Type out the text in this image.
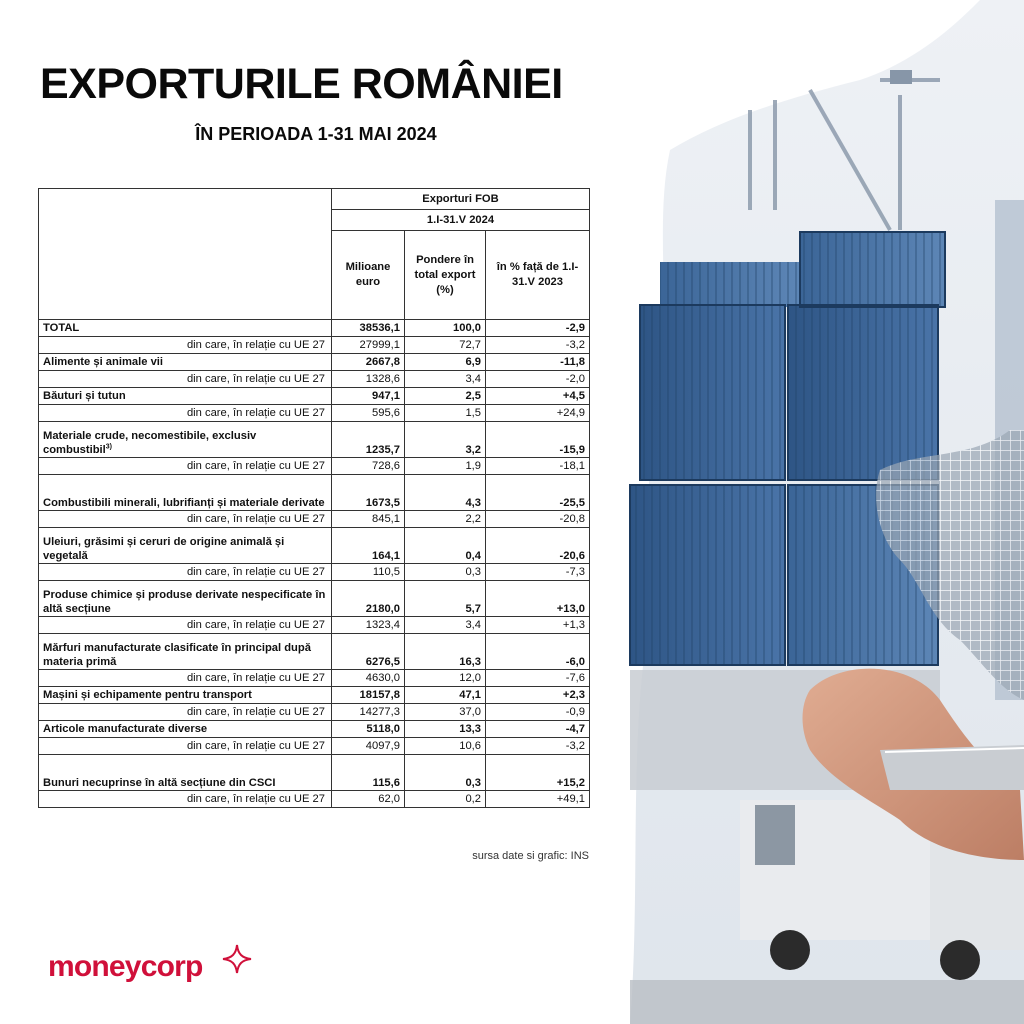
EXPORTURILE ROMÂNIEI
ÎN PERIOADA 1-31 MAI 2024
	Exporturi FOB		
	1.I-31.V 2024		
	Milioane euro	Pondere în total export (%)	în % față de 1.I-31.V 2023
TOTAL	38536,1	100,0	-2,9
din care, în relație cu UE 27	27999,1	72,7	-3,2
Alimente și animale vii	2667,8	6,9	-11,8
din care, în relație cu UE 27	1328,6	3,4	-2,0
Băuturi și tutun	947,1	2,5	+4,5
din care, în relație cu UE 27	595,6	1,5	+24,9
Materiale crude, necomestibile, exclusiv combustibil$^{3)}$	1235,7	3,2	-15,9
din care, în relație cu UE 27	728,6	1,9	-18,1
Combustibili minerali, lubrifianți și materiale derivate	1673,5	4,3	-25,5
din care, în relație cu UE 27	845,1	2,2	-20,8
Uleiuri, grăsimi și ceruri de origine animală și vegetală	164,1	0,4	-20,6
din care, în relație cu UE 27	110,5	0,3	-7,3
Produse chimice și produse derivate nespecificate în altă secțiune	2180,0	5,7	+13,0
din care, în relație cu UE 27	1323,4	3,4	+1,3
Mărfuri manufacturate clasificate în principal după materia primă	6276,5	16,3	-6,0
din care, în relație cu UE 27	4630,0	12,0	-7,6
Mașini și echipamente pentru transport	18157,8	47,1	+2,3
din care, în relație cu UE 27	14277,3	37,0	-0,9
Articole manufacturate diverse	5118,0	13,3	-4,7
din care, în relație cu UE 27	4097,9	10,6	-3,2
Bunuri necuprinse în altă secțiune din CSCI	115,6	0,3	+15,2
din care, în relație cu UE 27	62,0	0,2	+49,1
sursa date si grafic: INS
moneycorp
